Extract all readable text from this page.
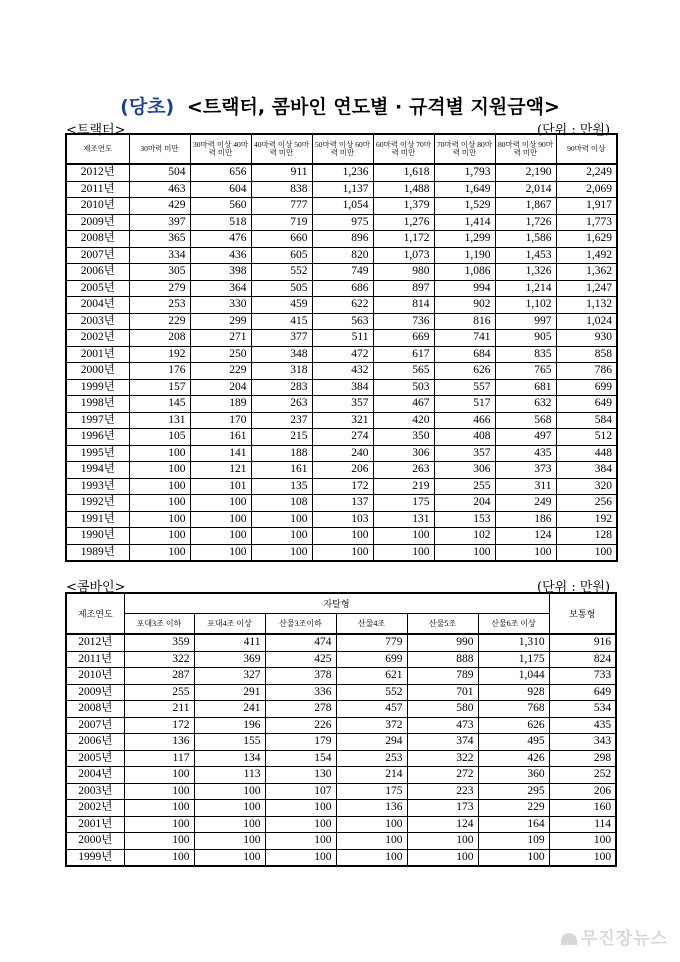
(당초) <트랙터, 콤바인 연도별 · 규격별 지원금액>
<트랙터>	(단위 : 만원)
제조연도	30마력 미만	30마력 이상 40마력 미만	40마력 이상 50마력 미만	50마력 이상 60마력 미만	60마력 이상 70마력 미만	70마력 이상 80마력 미만	80마력 이상 90마력 미만	90마력 이상
2012년	504	656	911	1,236	1,618	1,793	2,190	2,249
2011년	463	604	838	1,137	1,488	1,649	2,014	2,069
2010년	429	560	777	1,054	1,379	1,529	1,867	1,917
2009년	397	518	719	975	1,276	1,414	1,726	1,773
2008년	365	476	660	896	1,172	1,299	1,586	1,629
2007년	334	436	605	820	1,073	1,190	1,453	1,492
2006년	305	398	552	749	980	1,086	1,326	1,362
2005년	279	364	505	686	897	994	1,214	1,247
2004년	253	330	459	622	814	902	1,102	1,132
2003년	229	299	415	563	736	816	997	1,024
2002년	208	271	377	511	669	741	905	930
2001년	192	250	348	472	617	684	835	858
2000년	176	229	318	432	565	626	765	786
1999년	157	204	283	384	503	557	681	699
1998년	145	189	263	357	467	517	632	649
1997년	131	170	237	321	420	466	568	584
1996년	105	161	215	274	350	408	497	512
1995년	100	141	188	240	306	357	435	448
1994년	100	121	161	206	263	306	373	384
1993년	100	101	135	172	219	255	311	320
1992년	100	100	108	137	175	204	249	256
1991년	100	100	100	103	131	153	186	192
1990년	100	100	100	100	100	102	124	128
1989년	100	100	100	100	100	100	100	100
<콤바인>	(단위 : 만원)
제조연도	자탈형						보통형
	포대3조 이하	포대4조 이상	산물3조이하	산물4조	산물5조	산물6조 이상	
2012년	359	411	474	779	990	1,310	916
2011년	322	369	425	699	888	1,175	824
2010년	287	327	378	621	789	1,044	733
2009년	255	291	336	552	701	928	649
2008년	211	241	278	457	580	768	534
2007년	172	196	226	372	473	626	435
2006년	136	155	179	294	374	495	343
2005년	117	134	154	253	322	426	298
2004년	100	113	130	214	272	360	252
2003년	100	100	107	175	223	295	206
2002년	100	100	100	136	173	229	160
2001년	100	100	100	100	124	164	114
2000년	100	100	100	100	100	109	100
1999년	100	100	100	100	100	100	100
무진장뉴스
